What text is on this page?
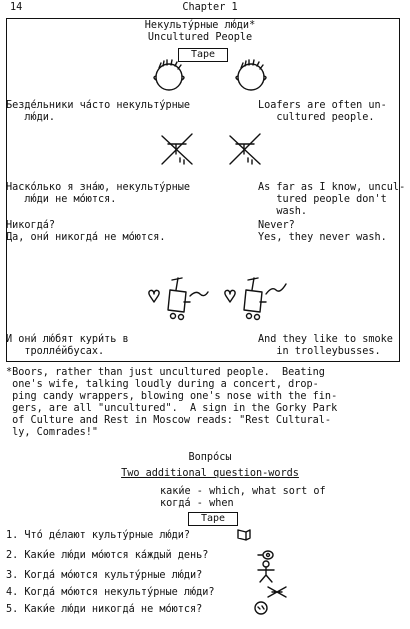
14	Chapter 1
Некульту́рные лю́ди*
Uncultured People
Tape
Безде́льники ча́сто некульту́рные
лю́ди.
Loafers are often un-
cultured people.
Наско́лько я зна́ю, некульту́рные
лю́ди не мо́ются.
As far as I know, uncul-
tured people don't
wash.
Никогда́?
Да, они́ никогда́ не мо́ются.
Never?
Yes, they never wash.
И они́ лю́бят кури́ть в
тролле́йбусах.
And they like to smoke
in trolleybusses.
*Boors, rather than just uncultured people.  Beating
one's wife, talking loudly during a concert, drop-
ping candy wrappers, blowing one's nose with the fin-
gers, are all "uncultured".  A sign in the Gorky Park
of Culture and Rest in Moscow reads: "Rest Cultural-
ly, Comrades!"
Вопро́сы
Two additional question-words
каки́е - which, what sort of
когда́ - when
Tape
1. Что́ де́лают культу́рные лю́ди?
2. Каки́е лю́ди мо́ются ка́ждый день?
3. Когда́ мо́ются культу́рные лю́ди?
4. Когда́ мо́ются некульту́рные лю́ди?
5. Каки́е лю́ди никогда́ не мо́ются?
